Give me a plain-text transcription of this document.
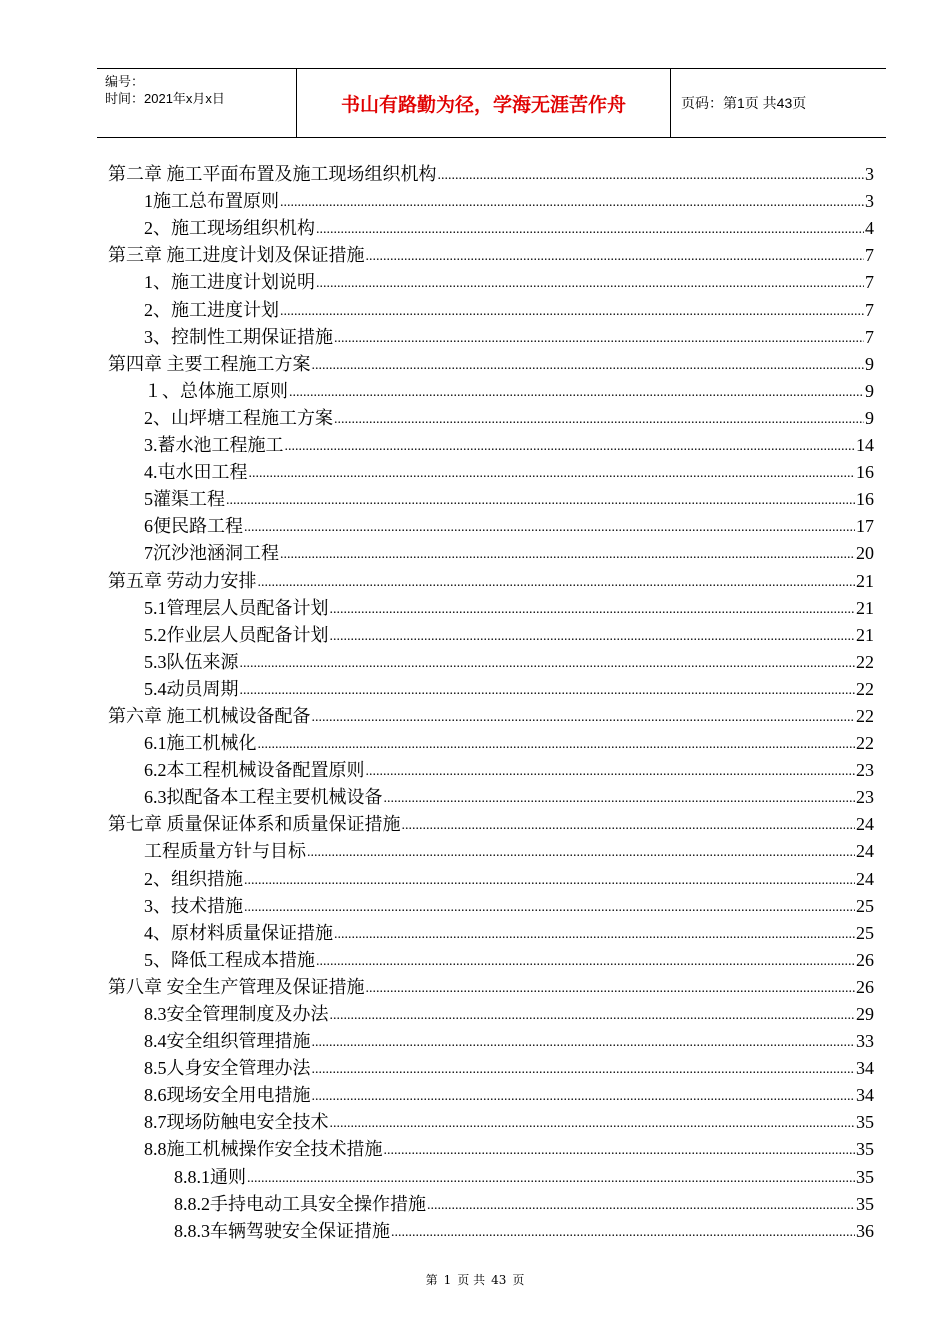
编号：
时间：2021年x月x日	书山有路勤为径，学海无涯苦作舟	页码：第1页 共43页
第二章 施工平面布置及施工现场组织机构 .....	3
1施工总布置原则 .....	3
2、施工现场组织机构 .....	4
第三章 施工进度计划及保证措施 .....	7
1、施工进度计划说明 .....	7
2、施工进度计划 .....	7
3、控制性工期保证措施 .....	7
第四章 主要工程施工方案 .....	9
１、总体施工原则 .....	9
2、山坪塘工程施工方案 .....	9
3.蓄水池工程施工 .....	14
4.屯水田工程 .....	16
5灌渠工程 .....	16
6便民路工程 .....	17
7沉沙池涵洞工程 .....	20
第五章 劳动力安排 .....	21
5.1管理层人员配备计划 .....	21
5.2作业层人员配备计划 .....	21
5.3队伍来源 .....	22
5.4动员周期 .....	22
第六章 施工机械设备配备 .....	22
6.1施工机械化 .....	22
6.2本工程机械设备配置原则 .....	23
6.3拟配备本工程主要机械设备 .....	23
第七章 质量保证体系和质量保证措施 .....	24
工程质量方针与目标 .....	24
2、组织措施 .....	24
3、技术措施 .....	25
4、原材料质量保证措施 .....	25
5、降低工程成本措施 .....	26
第八章 安全生产管理及保证措施 .....	26
8.3安全管理制度及办法 .....	29
8.4安全组织管理措施 .....	33
8.5人身安全管理办法 .....	34
8.6现场安全用电措施 .....	34
8.7现场防触电安全技术 .....	35
8.8施工机械操作安全技术措施 .....	35
8.8.1通则 .....	35
8.8.2手持电动工具安全操作措施 .....	35
8.8.3车辆驾驶安全保证措施 .....	36
第 1 页 共 43 页
